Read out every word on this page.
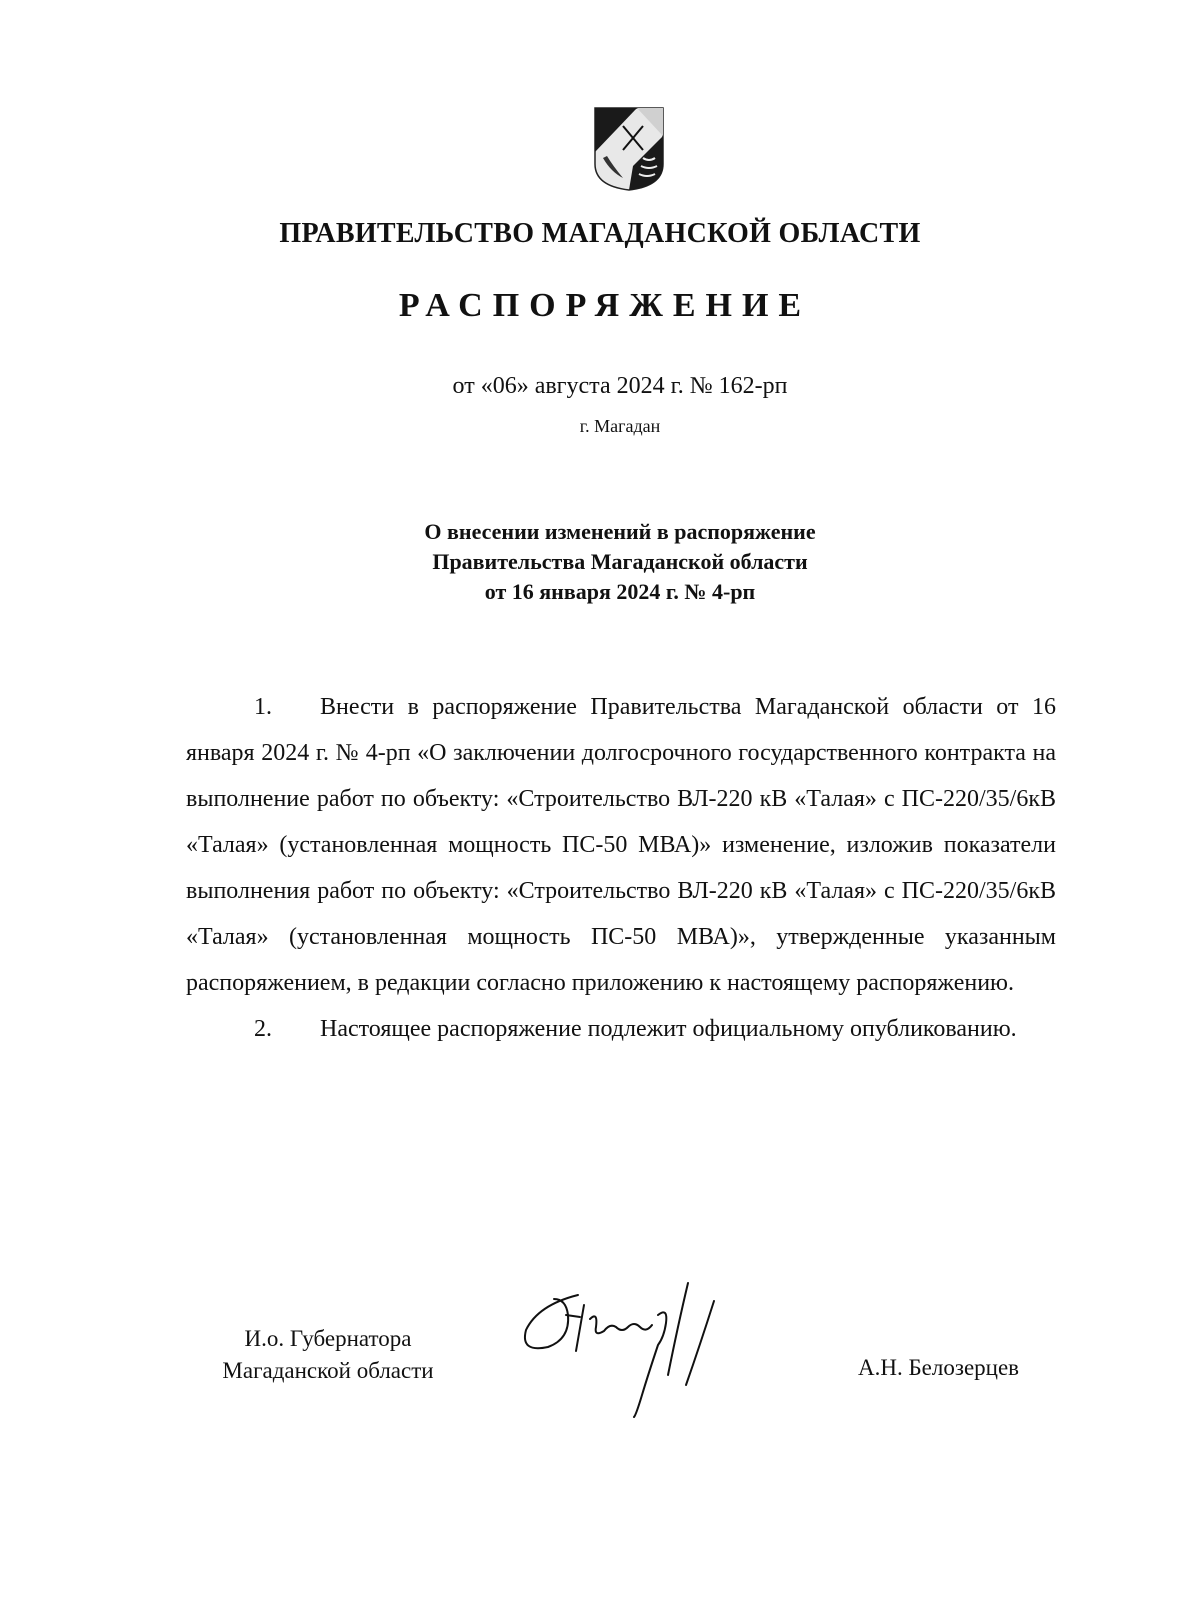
ПРАВИТЕЛЬСТВО МАГАДАНСКОЙ ОБЛАСТИ
РАСПОРЯЖЕНИЕ
от «06» августа 2024 г. № 162-рп
г. Магадан
О внесении изменений в распоряжение
Правительства Магаданской области
от 16 января 2024 г. № 4-рп

1. Внести в распоряжение Правительства Магаданской области от 16 января 2024 г. № 4-рп «О заключении долгосрочного государственного контракта на выполнение работ по объекту: «Строительство ВЛ-220 кВ «Талая» с ПС-220/35/6кВ «Талая» (установленная мощность ПС-50 МВА)» изменение, изложив показатели выполнения работ по объекту: «Строительство ВЛ-220 кВ «Талая» с ПС-220/35/6кВ «Талая» (установленная мощность ПС-50 МВА)», утвержденные указанным распоряжением, в редакции согласно приложению к настоящему распоряжению.

2. Настоящее распоряжение подлежит официальному опубликованию.

И.о. Губернатора
Магаданской области	А.Н. Белозерцев
